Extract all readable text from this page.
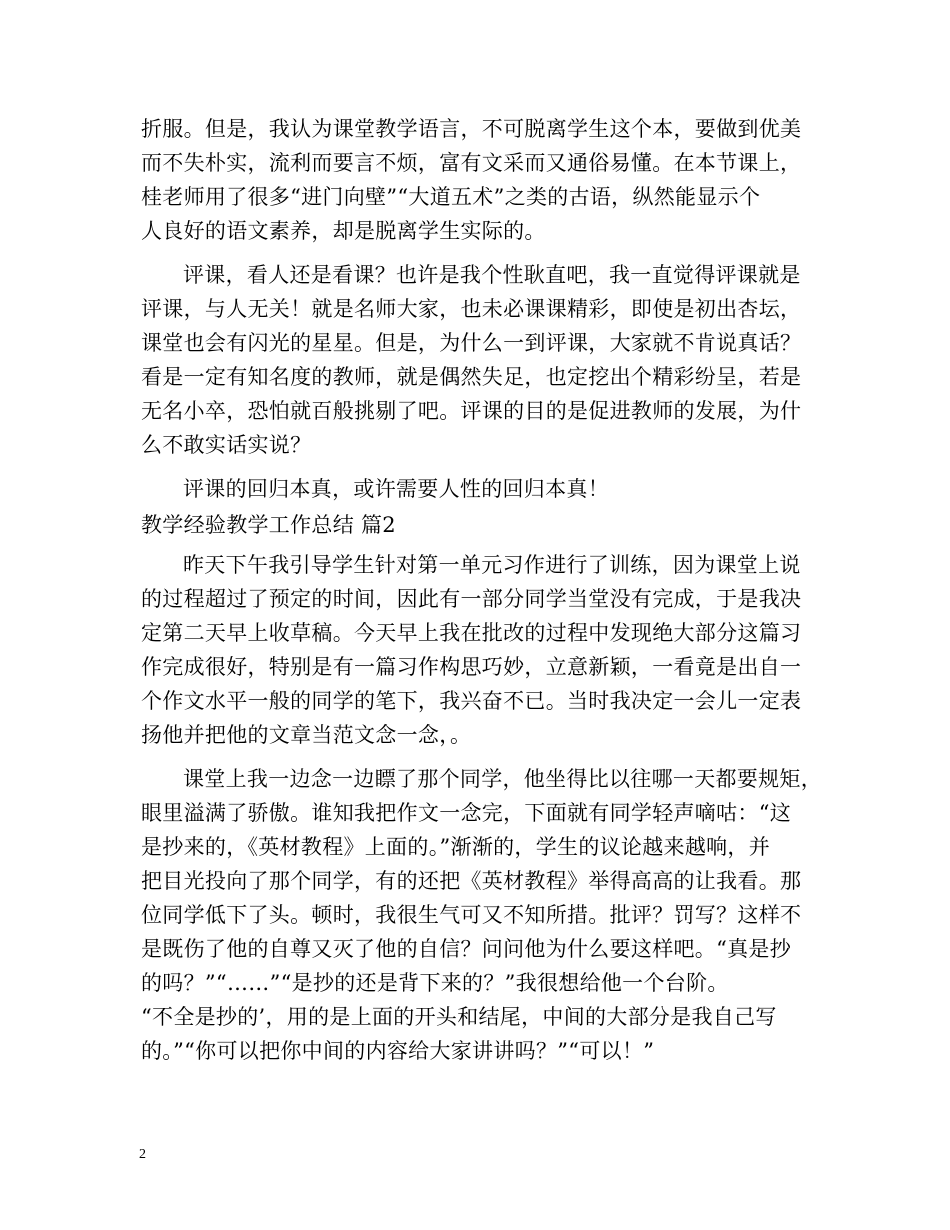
折服。但是，我认为课堂教学语言，不可脱离学生这个本，要做到优美
而不失朴实，流利而要言不烦，富有文采而又通俗易懂。在本节课上，
桂老师用了很多“进门向壁”“大道五术”之类的古语，纵然能显示个
人良好的语文素养，却是脱离学生实际的。
评课，看人还是看课？也许是我个性耿直吧，我一直觉得评课就是
评课，与人无关！就是名师大家，也未必课课精彩，即使是初出杏坛，
课堂也会有闪光的星星。但是，为什么一到评课，大家就不肯说真话？
看是一定有知名度的教师，就是偶然失足，也定挖出个精彩纷呈，若是
无名小卒，恐怕就百般挑剔了吧。评课的目的是促进教师的发展，为什
么不敢实话实说？
评课的回归本真，或许需要人性的回归本真！
教学经验教学工作总结 篇2
昨天下午我引导学生针对第一单元习作进行了训练，因为课堂上说
的过程超过了预定的时间，因此有一部分同学当堂没有完成，于是我决
定第二天早上收草稿。今天早上我在批改的过程中发现绝大部分这篇习
作完成很好，特别是有一篇习作构思巧妙，立意新颖，一看竟是出自一
个作文水平一般的同学的笔下，我兴奋不已。当时我决定一会儿一定表
扬他并把他的文章当范文念一念，。
课堂上我一边念一边瞟了那个同学，他坐得比以往哪一天都要规矩，
眼里溢满了骄傲。谁知我把作文一念完，下面就有同学轻声嘀咕：“这
是抄来的，《英材教程》上面的。”渐渐的，学生的议论越来越响，并
把目光投向了那个同学，有的还把《英材教程》举得高高的让我看。那
位同学低下了头。顿时，我很生气可又不知所措。批评？罚写？这样不
是既伤了他的自尊又灭了他的自信？问问他为什么要这样吧。“真是抄
的吗？”“……”“是抄的还是背下来的？”我很想给他一个台阶。
“不全是抄的’，用的是上面的开头和结尾，中间的大部分是我自己写
的。”“你可以把你中间的内容给大家讲讲吗？”“可以！”
2
